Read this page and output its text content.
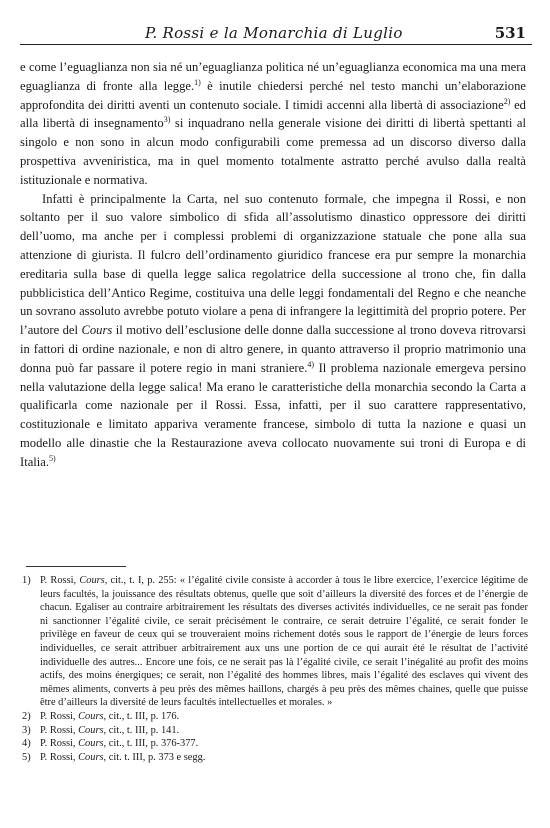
P. Rossi e la Monarchia di Luglio	531

e come l’eguaglianza non sia né un’eguaglianza politica né un’eguaglianza economica ma una mera eguaglianza di fronte alla legge.$^{1)}$ è inutile chiedersi perché nel testo manchi un’elaborazione approfondita dei diritti aventi un contenuto sociale. I timidi accenni alla libertà di associazione$^{2)}$ ed alla libertà di insegnamento$^{3)}$ si inquadrano nella generale visione dei diritti di libertà spettanti al singolo e non sono in alcun modo configurabili come premessa ad un discorso diverso dalla prospettiva avveniristica, ma in quel momento totalmente astratto perché avulso dalla realtà istituzionale e normativa.

Infatti è principalmente la Carta, nel suo contenuto formale, che impegna il Rossi, e non soltanto per il suo valore simbolico di sfida all’assolutismo dinastico oppressore dei diritti dell’uomo, ma anche per i complessi problemi di organizzazione statuale che pone alla sua attenzione di giurista. Il fulcro dell’ordinamento giuridico francese era pur sempre la monarchia ereditaria sulla base di quella legge salica regolatrice della successione al trono che, fin dalla pubblicistica dell’Antico Regime, costituiva una delle leggi fondamentali del Regno e che neanche un sovrano assoluto avrebbe potuto violare a pena di infrangere la legittimità del proprio potere. Per l’autore del Cours il motivo dell’esclusione delle donne dalla successione al trono doveva ritrovarsi in fattori di ordine nazionale, e non di altro genere, in quanto attraverso il proprio matrimonio una donna può far passare il potere regio in mani straniere.$^{4)}$ Il problema nazionale emergeva persino nella valutazione della legge salica! Ma erano le caratteristiche della monarchia secondo la Carta a qualificarla come nazionale per il Rossi. Essa, infatti, per il suo carattere rappresentativo, costituzionale e limitato appariva veramente francese, simbolo di tutta la nazione e quasi un modello alle dinastie che la Restaurazione aveva collocato nuovamente sui troni di Europa e di Italia.$^{5)}$

1) P. Rossi, Cours, cit., t. I, p. 255: « l’égalité civile consiste à accorder à tous le libre exercice, l’exercice légitime de leurs facultés, la jouissance des résultats obtenus, quelle que soit d’ailleurs la diversité des forces et de l’énergie de chacun. Egaliser au contraire arbitrairement les résultats des diverses activités individuelles, ce ne serait pas fonder ni sanctionner l’égalité civile, ce serait précisément le contraire, ce serait detruire l’égalité, ce serait fonder le privilège en faveur de ceux qui se trouveraient moins richement dotés sous le rapport de l’énergie de leurs forces individuelles, ce serait attribuer arbitrairement aux uns une portion de ce qui aurait été le résultat de l’activité individuelle des autres... Encore une fois, ce ne serait pas là l’égalité civile, ce serait l’inégalité au profit des moins actifs, des moins énergiques; ce serait, non l’égalité des hommes libres, mais l’égalité des esclaves qui vivent des mêmes aliments, converts à peu près des mêmes haillons, chargés à peu près des mêmes chaines, quelle que puisse être d’ailleurs la diversité de leurs facultés intellectuelles et morales. »

2) P. Rossi, Cours, cit., t. III, p. 176.

3) P. Rossi, Cours, cit., t. III, p. 141.

4) P. Rossi, Cours, cit., t. III, p. 376-377.

5) P. Rossi, Cours, cit. t. III, p. 373 e segg.
